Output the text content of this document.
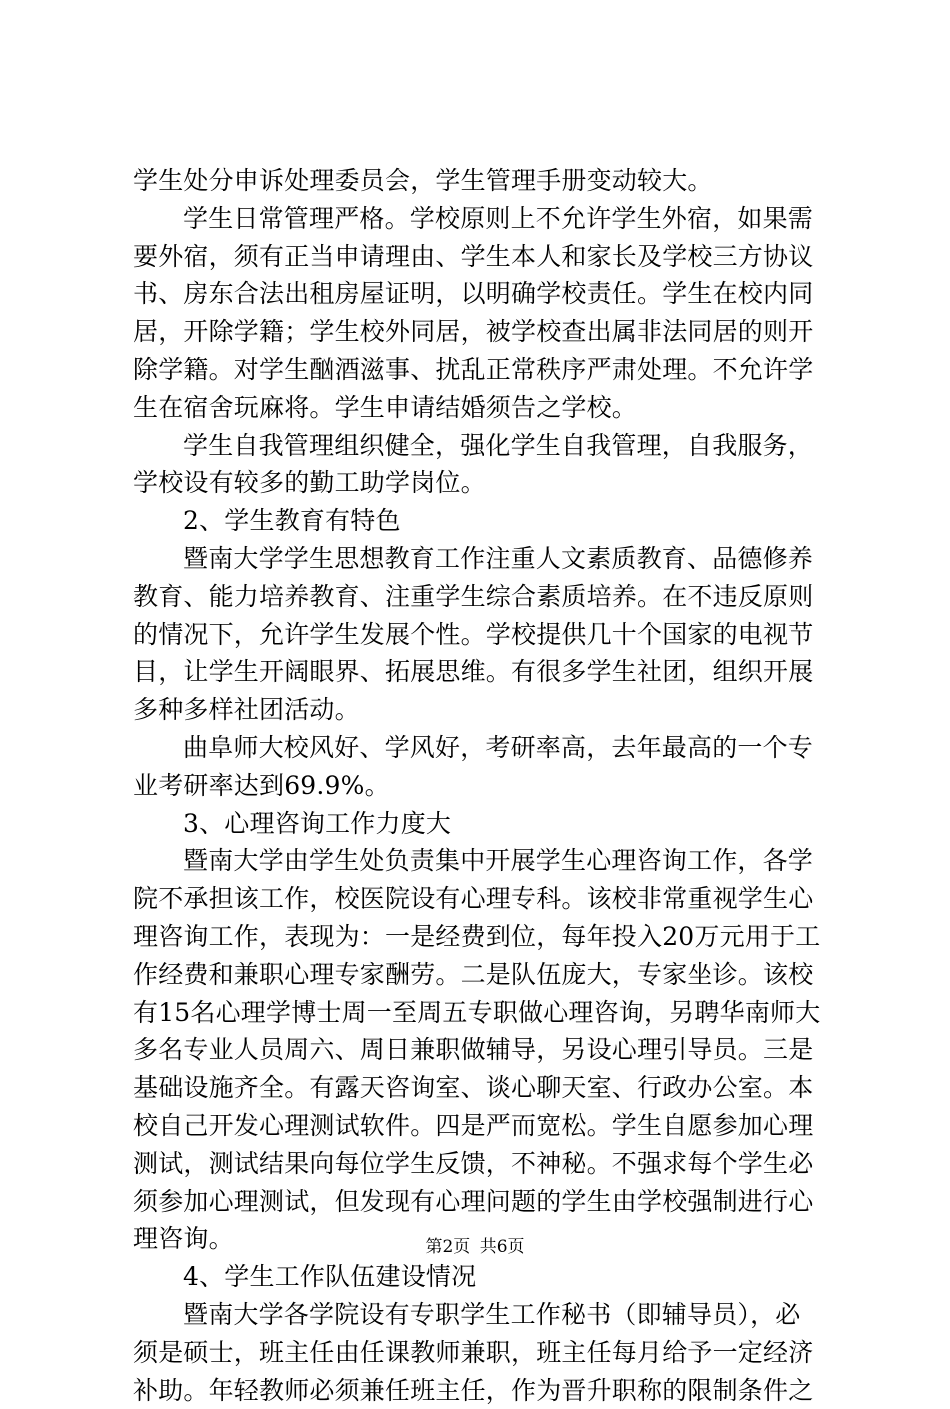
学生处分申诉处理委员会，学生管理手册变动较大。
学生日常管理严格。学校原则上不允许学生外宿，如果需
要外宿，须有正当申请理由、学生本人和家长及学校三方协议
书、房东合法出租房屋证明，以明确学校责任。学生在校内同
居，开除学籍；学生校外同居，被学校查出属非法同居的则开
除学籍。对学生酗酒滋事、扰乱正常秩序严肃处理。不允许学
生在宿舍玩麻将。学生申请结婚须告之学校。
学生自我管理组织健全，强化学生自我管理，自我服务，
学校设有较多的勤工助学岗位。
2、学生教育有特色
暨南大学学生思想教育工作注重人文素质教育、品德修养
教育、能力培养教育、注重学生综合素质培养。在不违反原则
的情况下，允许学生发展个性。学校提供几十个国家的电视节
目，让学生开阔眼界、拓展思维。有很多学生社团，组织开展
多种多样社团活动。
曲阜师大校风好、学风好，考研率高，去年最高的一个专
业考研率达到69.9%。
3、心理咨询工作力度大
暨南大学由学生处负责集中开展学生心理咨询工作，各学
院不承担该工作，校医院设有心理专科。该校非常重视学生心
理咨询工作，表现为：一是经费到位，每年投入20万元用于工
作经费和兼职心理专家酬劳。二是队伍庞大，专家坐诊。该校
有15名心理学博士周一至周五专职做心理咨询，另聘华南师大
多名专业人员周六、周日兼职做辅导，另设心理引导员。三是
基础设施齐全。有露天咨询室、谈心聊天室、行政办公室。本
校自己开发心理测试软件。四是严而宽松。学生自愿参加心理
测试，测试结果向每位学生反馈，不神秘。不强求每个学生必
须参加心理测试，但发现有心理问题的学生由学校强制进行心
理咨询。
4、学生工作队伍建设情况
暨南大学各学院设有专职学生工作秘书（即辅导员），必
须是硕士，班主任由任课教师兼职，班主任每月给予一定经济
补助。年轻教师必须兼任班主任，作为晋升职称的限制条件之
第2页 共6页
